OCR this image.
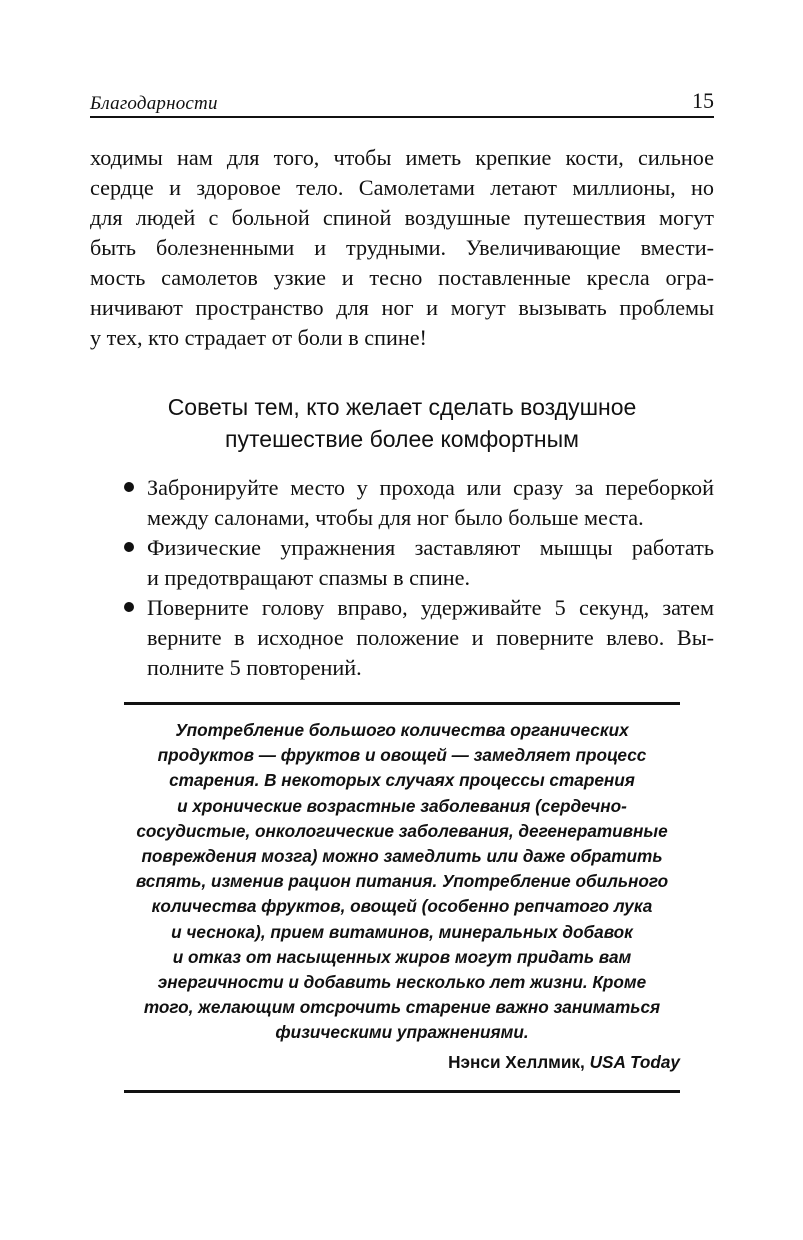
Благодарности	15

ходимы нам для того, чтобы иметь крепкие кости, сильное
сердце и здоровое тело. Самолетами летают миллионы, но
для людей с больной спиной воздушные путешествия могут
быть болезненными и трудными. Увеличивающие вмести-
мость самолетов узкие и тесно поставленные кресла огра-
ничивают пространство для ног и могут вызывать проблемы
у тех, кто страдает от боли в спине!

Советы тем, кто желает сделать воздушное
путешествие более комфортным
Забронируйте место у прохода или сразу за переборкой
между салонами, чтобы для ног было больше места.
Физические упражнения заставляют мышцы работать
и предотвращают спазмы в спине.
Поверните голову вправо, удерживайте 5 секунд, затем
верните в исходное положение и поверните влево. Вы-
полните 5 повторений.

Употребление большого количества органических
продуктов — фруктов и овощей — замедляет процесс
старения. В некоторых случаях процессы старения
и хронические возрастные заболевания (сердечно-
сосудистые, онкологические заболевания, дегенеративные
повреждения мозга) можно замедлить или даже обратить
вспять, изменив рацион питания. Употребление обильного
количества фруктов, овощей (особенно репчатого лука
и чеснока), прием витаминов, минеральных добавок
и отказ от насыщенных жиров могут придать вам
энергичности и добавить несколько лет жизни. Кроме
того, желающим отсрочить старение важно заниматься
физическими упражнениями.

Нэнси Хеллмик, USA Today
